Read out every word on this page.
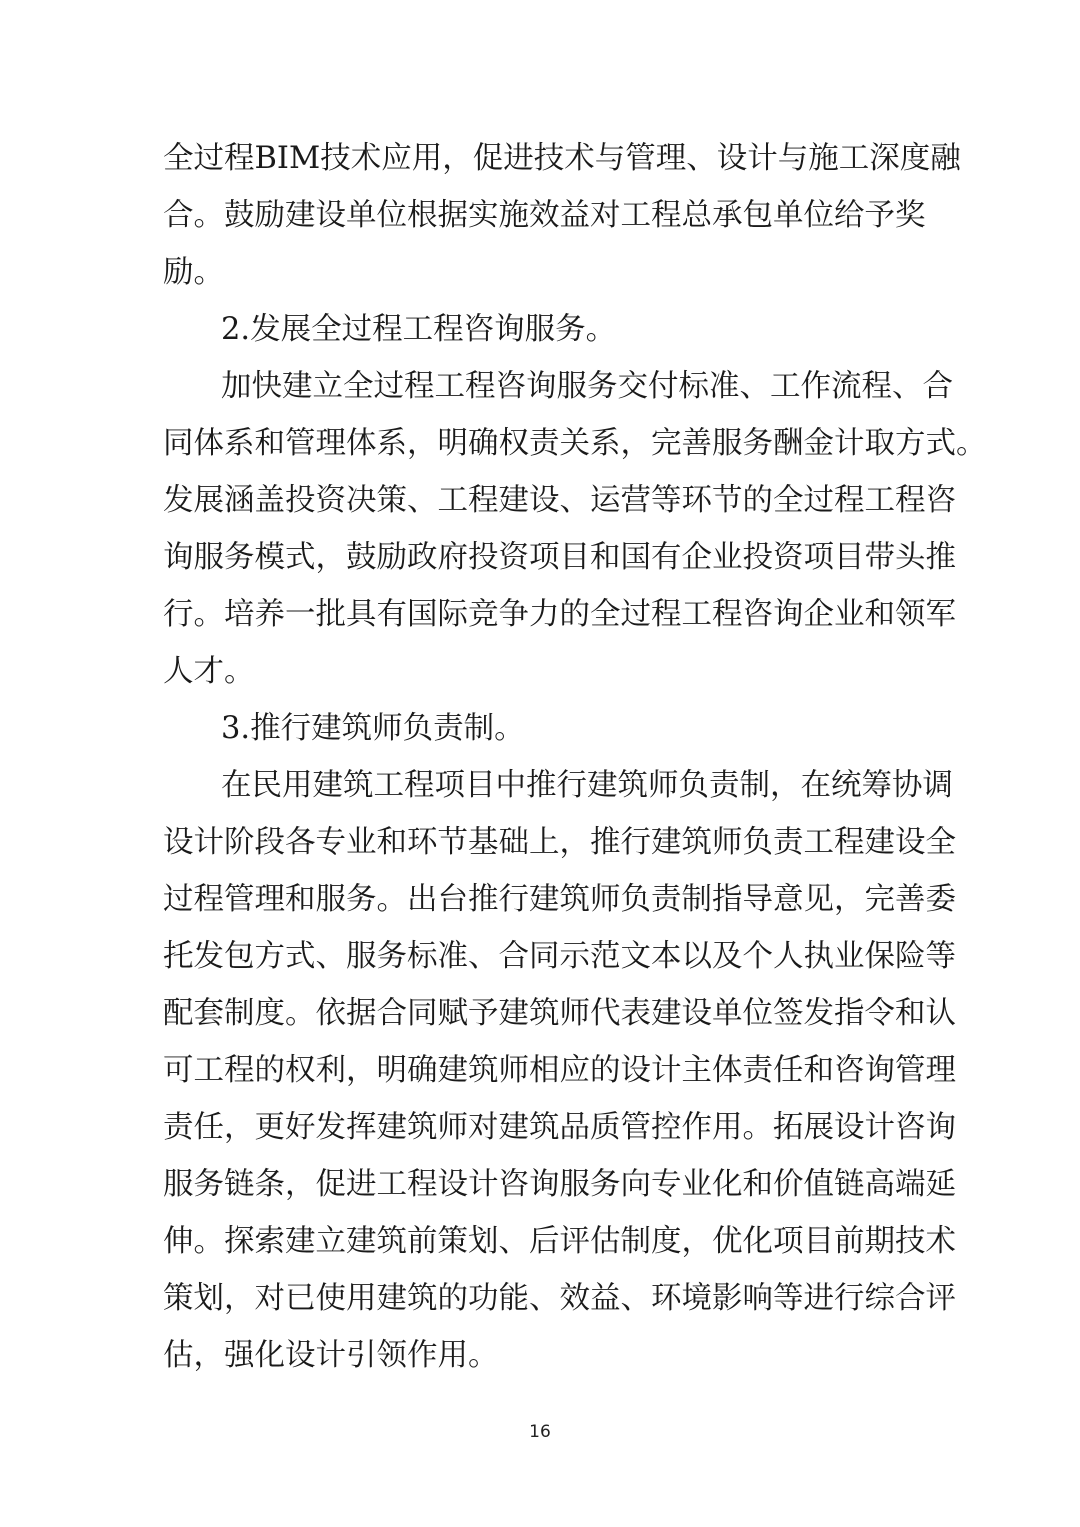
全过程BIM技术应用，促进技术与管理、设计与施工深度融
合。鼓励建设单位根据实施效益对工程总承包单位给予奖
励。
2.发展全过程工程咨询服务。
加快建立全过程工程咨询服务交付标准、工作流程、合
同体系和管理体系，明确权责关系，完善服务酬金计取方式。
发展涵盖投资决策、工程建设、运营等环节的全过程工程咨
询服务模式，鼓励政府投资项目和国有企业投资项目带头推
行。培养一批具有国际竞争力的全过程工程咨询企业和领军
人才。
3.推行建筑师负责制。
在民用建筑工程项目中推行建筑师负责制，在统筹协调
设计阶段各专业和环节基础上，推行建筑师负责工程建设全
过程管理和服务。出台推行建筑师负责制指导意见，完善委
托发包方式、服务标准、合同示范文本以及个人执业保险等
配套制度。依据合同赋予建筑师代表建设单位签发指令和认
可工程的权利，明确建筑师相应的设计主体责任和咨询管理
责任，更好发挥建筑师对建筑品质管控作用。拓展设计咨询
服务链条，促进工程设计咨询服务向专业化和价值链高端延
伸。探索建立建筑前策划、后评估制度，优化项目前期技术
策划，对已使用建筑的功能、效益、环境影响等进行综合评
估，强化设计引领作用。
16
